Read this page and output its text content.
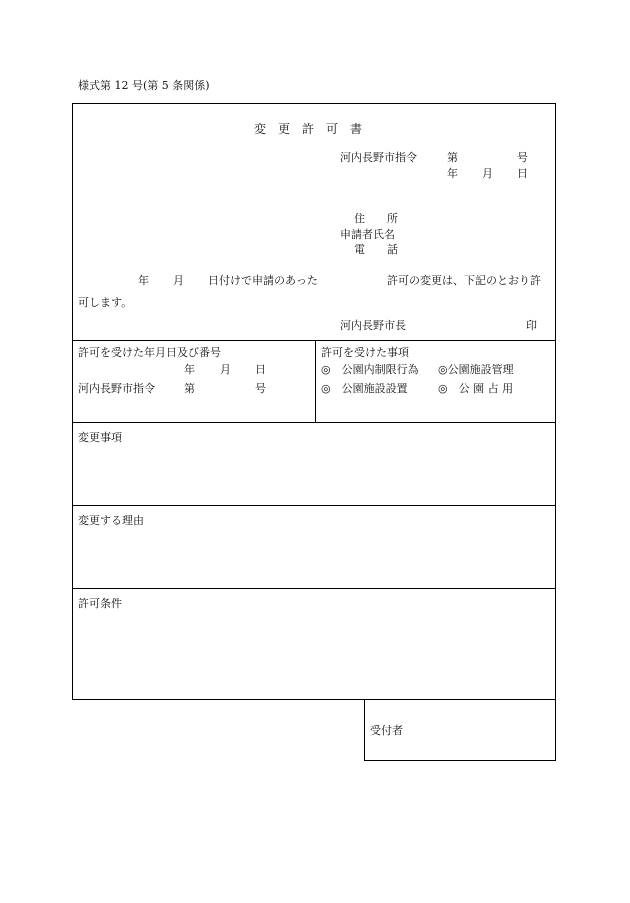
様式第 12 号(第 5 条関係)
変　更　許　可　書
河内長野市指令	第	号
年 月 日
住　　所
申請者氏名
電　　話
年 月 日付けで申請のあった	許可の変更は、下記のとおり許
可します。
河内長野市長	印
許可を受けた年月日及び番号
年 月 日
河内長野市指令	第	号
許可を受けた事項
◎　公園内制限行為 ◎公園施設管理
◎　公園施設設置	◎　公 園 占 用
変更事項
変更する理由
許可条件
受付者
